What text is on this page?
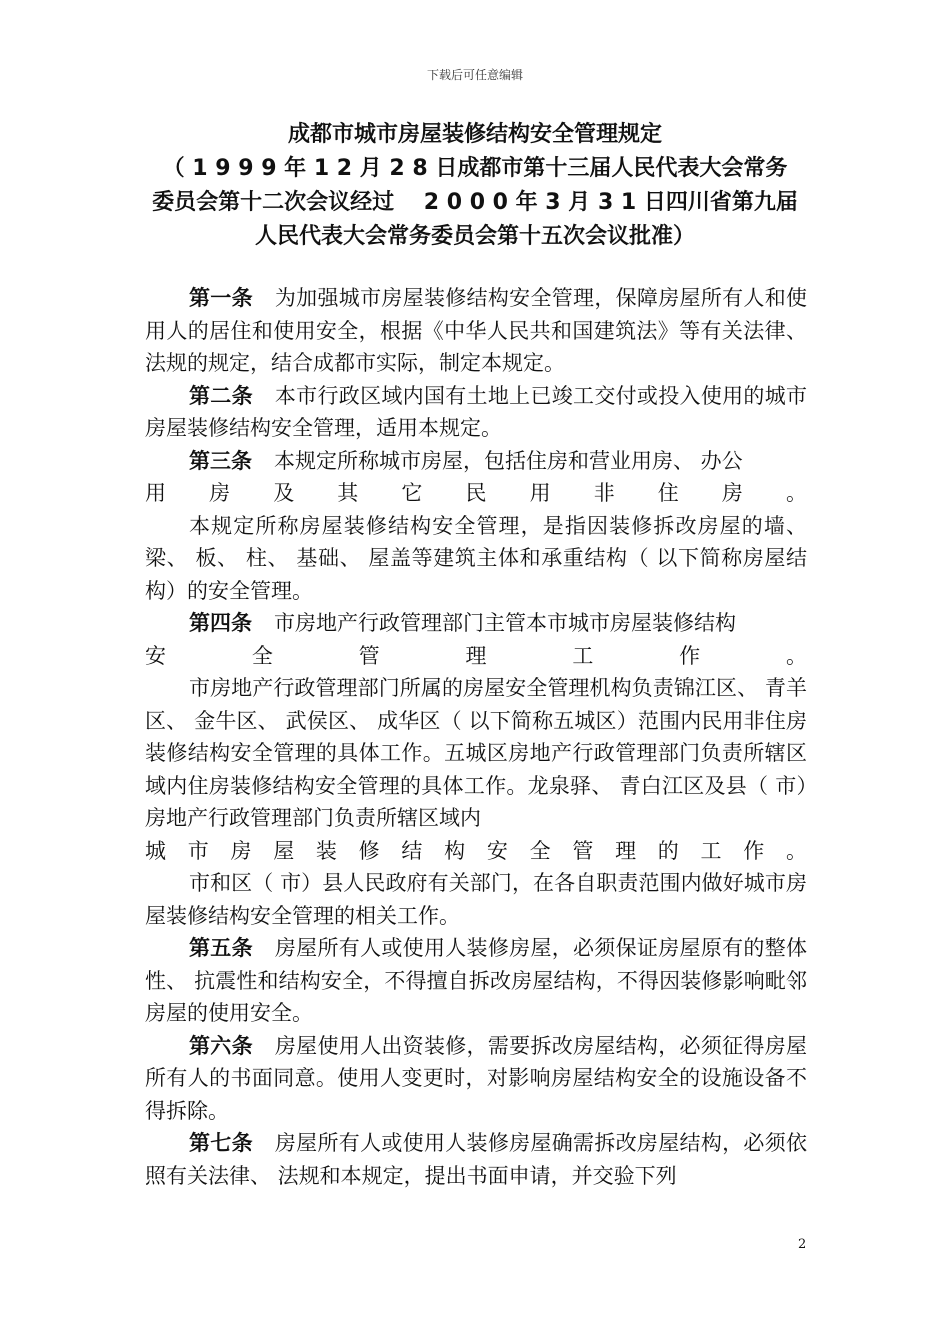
下载后可任意编辑
成都市城市房屋装修结构安全管理规定
（ 1 9 9 9 年 1 2 月 2 8 日成都市第十三届人民代表大会常务
委员会第十二次会议经过　 2 0 0 0 年 3 月 3 1 日四川省第九届
人民代表大会常务委员会第十五次会议批准）

第一条 为加强城市房屋装修结构安全管理，保障房屋所有人和使用人的居住和使用安全，根据《中华人民共和国建筑法》等有关法律、 法规的规定，结合成都市实际，制定本规定。

第二条 本市行政区域内国有土地上已竣工交付或投入使用的城市房屋装修结构安全管理，适用本规定。

第三条 本规定所称城市房屋，包括住房和营业用房、 办公

用房及其它民用非住房。

本规定所称房屋装修结构安全管理，是指因装修拆改房屋的墙、 梁、 板、 柱、 基础、 屋盖等建筑主体和承重结构（ 以下简称房屋结构）的安全管理。

第四条 市房地产行政管理部门主管本市城市房屋装修结构

安全管理工作。

市房地产行政管理部门所属的房屋安全管理机构负责锦江区、 青羊区、 金牛区、 武侯区、 成华区（ 以下简称五城区）范围内民用非住房装修结构安全管理的具体工作。五城区房地产行政管理部门负责所辖区域内住房装修结构安全管理的具体工作。龙泉驿、 青白江区及县（ 市）房地产行政管理部门负责所辖区域内

城市房屋装修结构安全管理的工作。

市和区（ 市）县人民政府有关部门，在各自职责范围内做好城市房屋装修结构安全管理的相关工作。

第五条 房屋所有人或使用人装修房屋，必须保证房屋原有的整体性、 抗震性和结构安全，不得擅自拆改房屋结构，不得因装修影响毗邻房屋的使用安全。

第六条 房屋使用人出资装修，需要拆改房屋结构，必须征得房屋所有人的书面同意。使用人变更时，对影响房屋结构安全的设施设备不得拆除。

第七条 房屋所有人或使用人装修房屋确需拆改房屋结构，必须依照有关法律、 法规和本规定，提出书面申请，并交验下列

2
